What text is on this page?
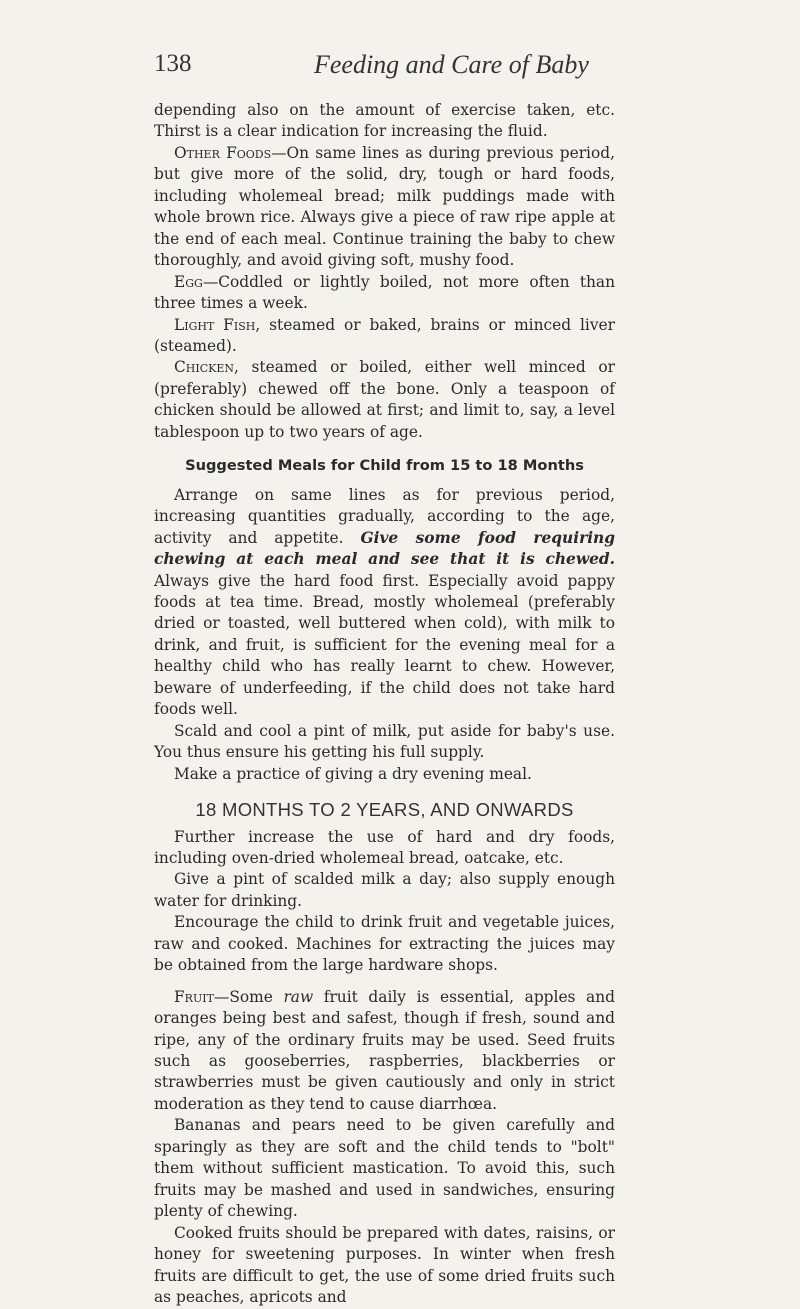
138	Feeding and Care of Baby

depending also on the amount of exercise taken, etc. Thirst is a clear indication for increasing the fluid.

Other Foods—On same lines as during previous period, but give more of the solid, dry, tough or hard foods, including wholemeal bread; milk puddings made with whole brown rice. Always give a piece of raw ripe apple at the end of each meal. Continue training the baby to chew thoroughly, and avoid giving soft, mushy food.

Egg—Coddled or lightly boiled, not more often than three times a week.

Light Fish, steamed or baked, brains or minced liver (steamed).

Chicken, steamed or boiled, either well minced or (preferably) chewed off the bone. Only a teaspoon of chicken should be allowed at first; and limit to, say, a level tablespoon up to two years of age.

Suggested Meals for Child from 15 to 18 Months

Arrange on same lines as for previous period, increasing quantities gradually, according to the age, activity and appetite. Give some food requiring chewing at each meal and see that it is chewed. Always give the hard food first. Especially avoid pappy foods at tea time. Bread, mostly wholemeal (preferably dried or toasted, well buttered when cold), with milk to drink, and fruit, is sufficient for the evening meal for a healthy child who has really learnt to chew. However, beware of underfeeding, if the child does not take hard foods well.

Scald and cool a pint of milk, put aside for baby's use. You thus ensure his getting his full supply.

Make a practice of giving a dry evening meal.

18 MONTHS TO 2 YEARS, AND ONWARDS

Further increase the use of hard and dry foods, including oven-dried wholemeal bread, oatcake, etc.

Give a pint of scalded milk a day; also supply enough water for drinking.

Encourage the child to drink fruit and vegetable juices, raw and cooked. Machines for extracting the juices may be obtained from the large hardware shops.

Fruit—Some raw fruit daily is essential, apples and oranges being best and safest, though if fresh, sound and ripe, any of the ordinary fruits may be used. Seed fruits such as gooseberries, raspberries, blackberries or strawberries must be given cautiously and only in strict moderation as they tend to cause diarrhœa.

Bananas and pears need to be given carefully and sparingly as they are soft and the child tends to "bolt" them without sufficient mastication. To avoid this, such fruits may be mashed and used in sandwiches, ensuring plenty of chewing.

Cooked fruits should be prepared with dates, raisins, or honey for sweetening purposes. In winter when fresh fruits are difficult to get, the use of some dried fruits such as peaches, apricots and
